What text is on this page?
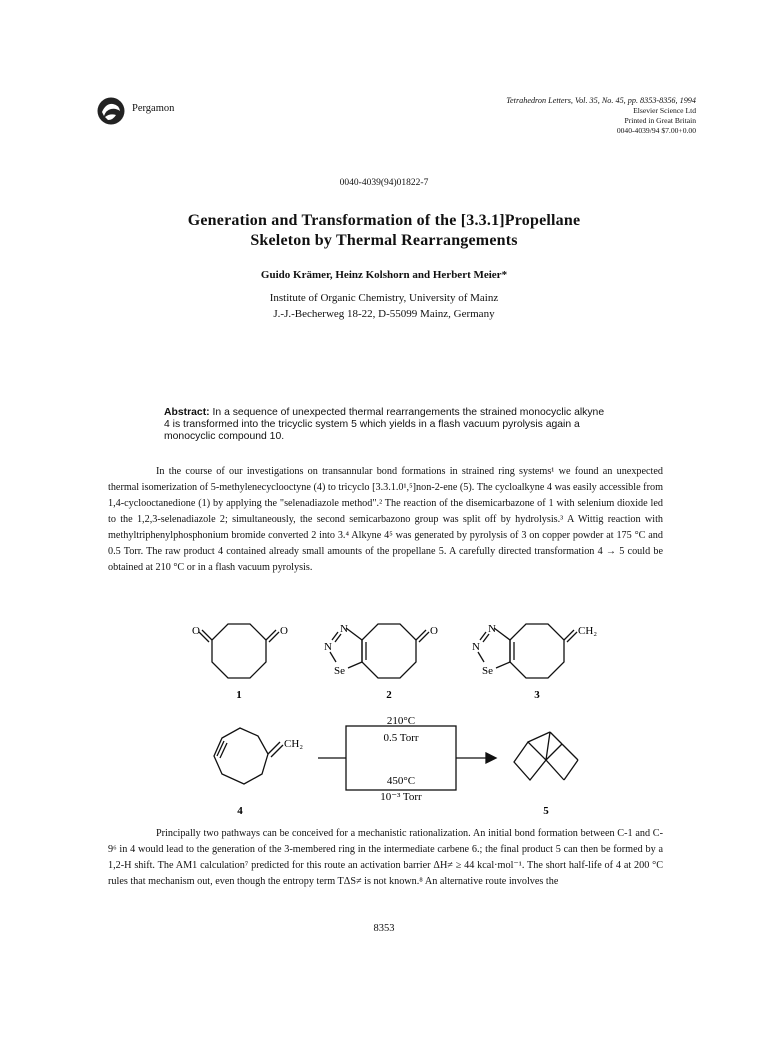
Pergamon
Tetrahedron Letters, Vol. 35, No. 45, pp. 8353-8356, 1994
Elsevier Science Ltd
Printed in Great Britain
0040-4039/94 $7.00+0.00
0040-4039(94)01822-7
Generation and Transformation of the [3.3.1]Propellane
Skeleton by Thermal Rearrangements
Guido Krämer, Heinz Kolshorn and Herbert Meier*
Institute of Organic Chemistry, University of Mainz
J.-J.-Becherweg 18-22, D-55099 Mainz, Germany
Abstract: In a sequence of unexpected thermal rearrangements the strained monocyclic alkyne 4 is transformed into the tricyclic system 5 which yields in a flash vacuum pyrolysis again a monocyclic compound 10.
In the course of our investigations on transannular bond formations in strained ring systems¹ we found an unexpected thermal isomerization of 5-methylenecyclooctyne (4) to tricyclo [3.3.1.0¹,⁵]non-2-ene (5). The cycloalkyne 4 was easily accessible from 1,4-cyclooctanedione (1) by applying the "selenadiazole method".² The reaction of the disemicarbazone of 1 with selenium dioxide led to the 1,2,3-selenadiazole 2; simultaneously, the second semicarbazono group was split off by hydrolysis.³ A Wittig reaction with methyltriphenylphosphonium bromide converted 2 into 3.⁴ Alkyne 4⁵ was generated by pyrolysis of 3 on copper powder at 175 °C and 0.5 Torr. The raw product 4 contained already small amounts of the propellane 5. A carefully directed transformation 4 → 5 could be obtained at 210 °C or in a flash vacuum pyrolysis.
O	O	N
N
Se
O	N
N
Se
CH₂
CH₂
210°C
0.5 Torr
450°C
10⁻³ Torr
1	2	3
4	5
Principally two pathways can be conceived for a mechanistic rationalization. An initial bond formation between C-1 and C-9⁶ in 4 would lead to the generation of the 3-membered ring in the intermediate carbene 6.; the final product 5 can then be formed by a 1,2-H shift. The AM1 calculation⁷ predicted for this route an activation barrier ΔH≠ ≥ 44 kcal·mol⁻¹. The short half-life of 4 at 200 °C rules that mechanism out, even though the entropy term TΔS≠ is not known.⁸ An alternative route involves the
8353
